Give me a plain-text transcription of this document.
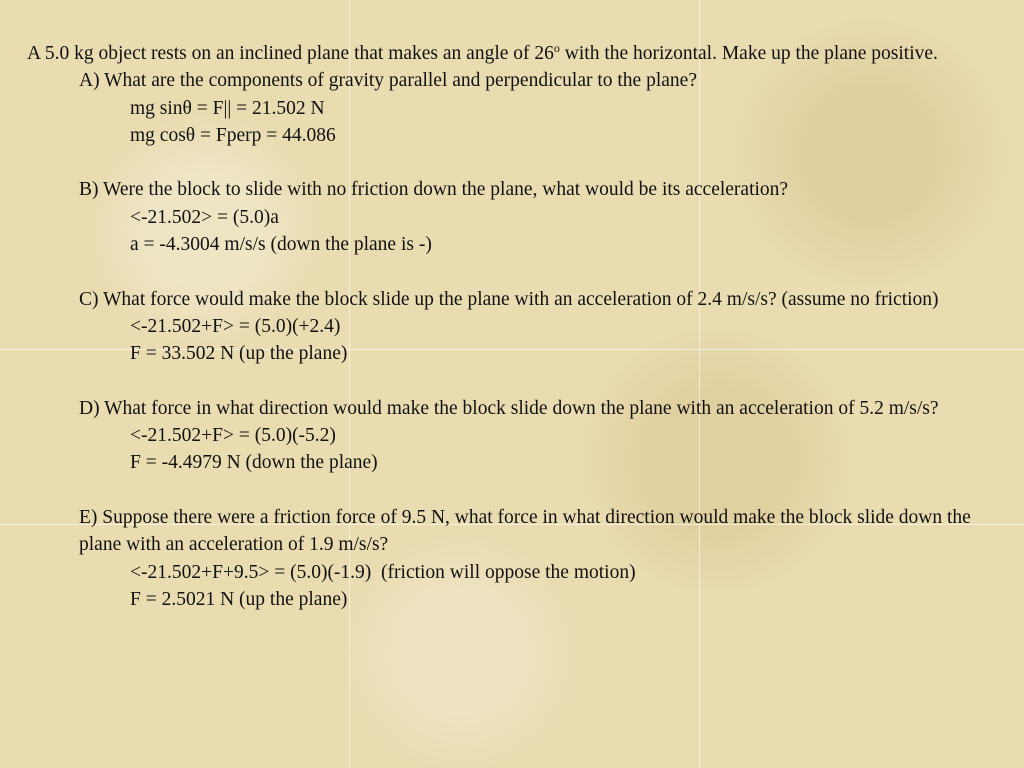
A 5.0 kg object rests on an inclined plane that makes an angle of 26$^o$ with the horizontal. Make up the plane positive.
A) What are the components of gravity parallel and perpendicular to the plane?
mg sinθ = F|| = 21.502 N
mg cosθ = Fperp = 44.086
B) Were the block to slide with no friction down the plane, what would be its acceleration?
<-21.502> = (5.0)a
a = -4.3004 m/s/s (down the plane is -)
C) What force would make the block slide up the plane with an acceleration of 2.4 m/s/s? (assume no friction)
<-21.502+F> = (5.0)(+2.4)
F = 33.502 N (up the plane)
D) What force in what direction would make the block slide down the plane with an acceleration of 5.2 m/s/s?
<-21.502+F> = (5.0)(-5.2)
F = -4.4979 N (down the plane)
E) Suppose there were a friction force of 9.5 N, what force in what direction would make the block slide down the plane with an acceleration of 1.9 m/s/s?
<-21.502+F+9.5> = (5.0)(-1.9)  (friction will oppose the motion)
F = 2.5021 N (up the plane)
